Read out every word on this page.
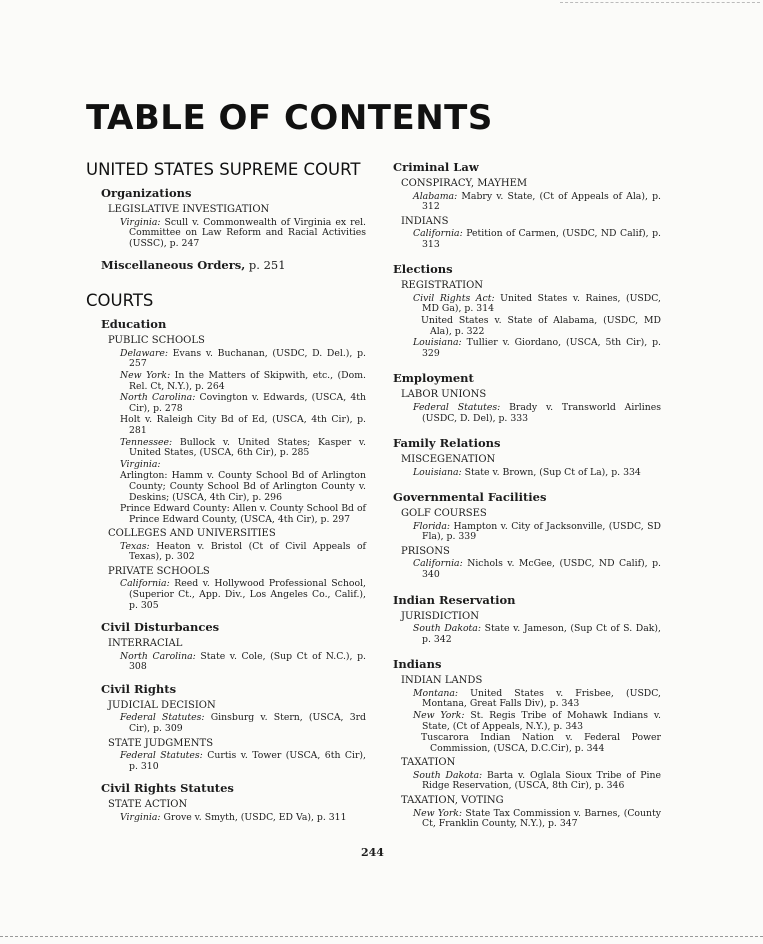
TABLE OF CONTENTS
UNITED STATES SUPREME COURT
Organizations
LEGISLATIVE INVESTIGATION
Virginia: Scull v. Commonwealth of Virginia ex rel. Committee on Law Reform and Racial Activities (USSC), p. 247
Miscellaneous Orders, p. 251
COURTS
Education
PUBLIC SCHOOLS
Delaware: Evans v. Buchanan, (USDC, D. Del.), p. 257
New York: In the Matters of Skipwith, etc., (Dom. Rel. Ct, N.Y.), p. 264
North Carolina: Covington v. Edwards, (USCA, 4th Cir), p. 278
Holt v. Raleigh City Bd of Ed, (USCA, 4th Cir), p. 281
Tennessee: Bullock v. United States; Kasper v. United States, (USCA, 6th Cir), p. 285
Virginia:
Arlington: Hamm v. County School Bd of Arlington County; County School Bd of Arlington County v. Deskins; (USCA, 4th Cir), p. 296
Prince Edward County: Allen v. County School Bd of Prince Edward County, (USCA, 4th Cir), p. 297
COLLEGES AND UNIVERSITIES
Texas: Heaton v. Bristol (Ct of Civil Appeals of Texas), p. 302
PRIVATE SCHOOLS
California: Reed v. Hollywood Professional School, (Superior Ct., App. Div., Los Angeles Co., Calif.), p. 305
Civil Disturbances
INTERRACIAL
North Carolina: State v. Cole, (Sup Ct of N.C.), p. 308
Civil Rights
JUDICIAL DECISION
Federal Statutes: Ginsburg v. Stern, (USCA, 3rd Cir), p. 309
STATE JUDGMENTS
Federal Statutes: Curtis v. Tower (USCA, 6th Cir), p. 310
Civil Rights Statutes
STATE ACTION
Virginia: Grove v. Smyth, (USDC, ED Va), p. 311
Criminal Law
CONSPIRACY, MAYHEM
Alabama: Mabry v. State, (Ct of Appeals of Ala), p. 312
INDIANS
California: Petition of Carmen, (USDC, ND Calif), p. 313
Elections
REGISTRATION
Civil Rights Act: United States v. Raines, (USDC, MD Ga), p. 314
United States v. State of Alabama, (USDC, MD Ala), p. 322
Louisiana: Tullier v. Giordano, (USCA, 5th Cir), p. 329
Employment
LABOR UNIONS
Federal Statutes: Brady v. Transworld Airlines (USDC, D. Del), p. 333
Family Relations
MISCEGENATION
Louisiana: State v. Brown, (Sup Ct of La), p. 334
Governmental Facilities
GOLF COURSES
Florida: Hampton v. City of Jacksonville, (USDC, SD Fla), p. 339
PRISONS
California: Nichols v. McGee, (USDC, ND Calif), p. 340
Indian Reservation
JURISDICTION
South Dakota: State v. Jameson, (Sup Ct of S. Dak), p. 342
Indians
INDIAN LANDS
Montana: United States v. Frisbee, (USDC, Montana, Great Falls Div), p. 343
New York: St. Regis Tribe of Mohawk Indians v. State, (Ct of Appeals, N.Y.), p. 343
Tuscarora Indian Nation v. Federal Power Commission, (USCA, D.C.Cir), p. 344
TAXATION
South Dakota: Barta v. Oglala Sioux Tribe of Pine Ridge Reservation, (USCA, 8th Cir), p. 346
TAXATION, VOTING
New York: State Tax Commission v. Barnes, (County Ct, Franklin County, N.Y.), p. 347
244
